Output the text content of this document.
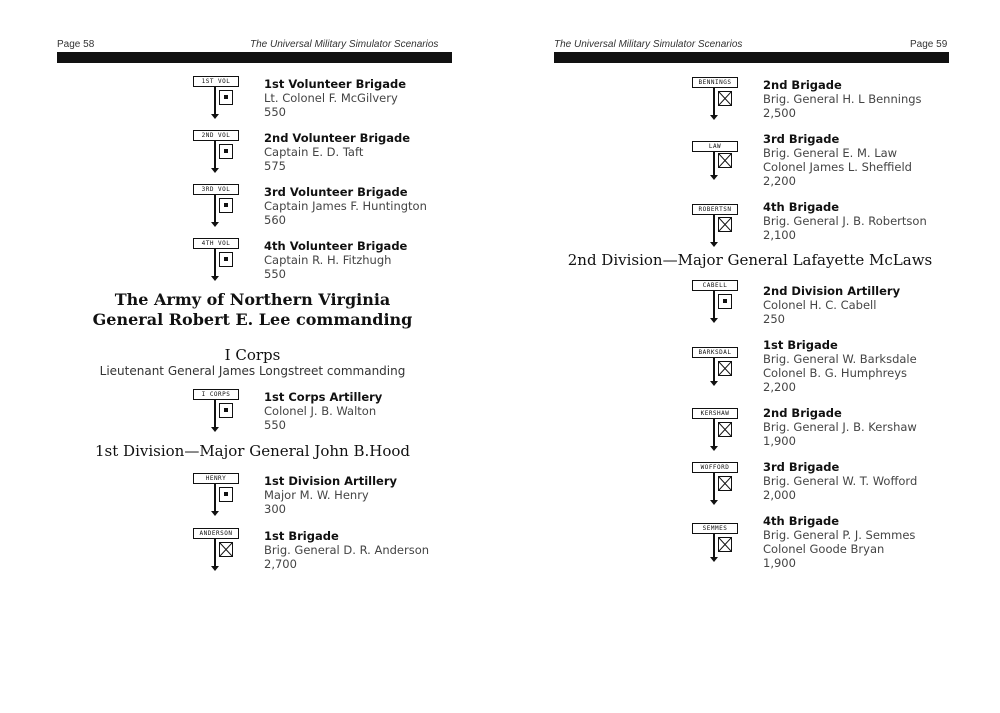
Page 58	The Universal Military Simulator Scenarios
1ST VOL	1st Volunteer Brigade
Lt. Colonel F. McGilvery
550
2ND VOL	2nd Volunteer Brigade
Captain E. D. Taft
575
3RD VOL	3rd Volunteer Brigade
Captain James F. Huntington
560
4TH VOL	4th Volunteer Brigade
Captain R. H. Fitzhugh
550
The Army of Northern Virginia
General Robert E. Lee commanding
I Corps
Lieutenant General James Longstreet commanding
I CORPS	1st Corps Artillery
Colonel J. B. Walton
550
1st Division—Major General John B.Hood
HENRY	1st Division Artillery
Major M. W. Henry
300
ANDERSON	1st Brigade
Brig. General D. R. Anderson
2,700
The Universal Military Simulator Scenarios	Page 59
BENNINGS	2nd Brigade
Brig. General H. L Bennings
2,500
LAW
3rd Brigade
Brig. General E. M. Law
Colonel James L. Sheffield
2,200
ROBERTSN	4th Brigade
Brig. General J. B. Robertson
2,100
2nd Division—Major General Lafayette McLaws
CABELL	2nd Division Artillery
Colonel H. C. Cabell
250
BARKSDAL
1st Brigade
Brig. General W. Barksdale
Colonel B. G. Humphreys
2,200
KERSHAW	2nd Brigade
Brig. General J. B. Kershaw
1,900
WOFFORD	3rd Brigade
Brig. General W. T. Wofford
2,000
SEMMES
4th Brigade
Brig. General P. J. Semmes
Colonel Goode Bryan
1,900
